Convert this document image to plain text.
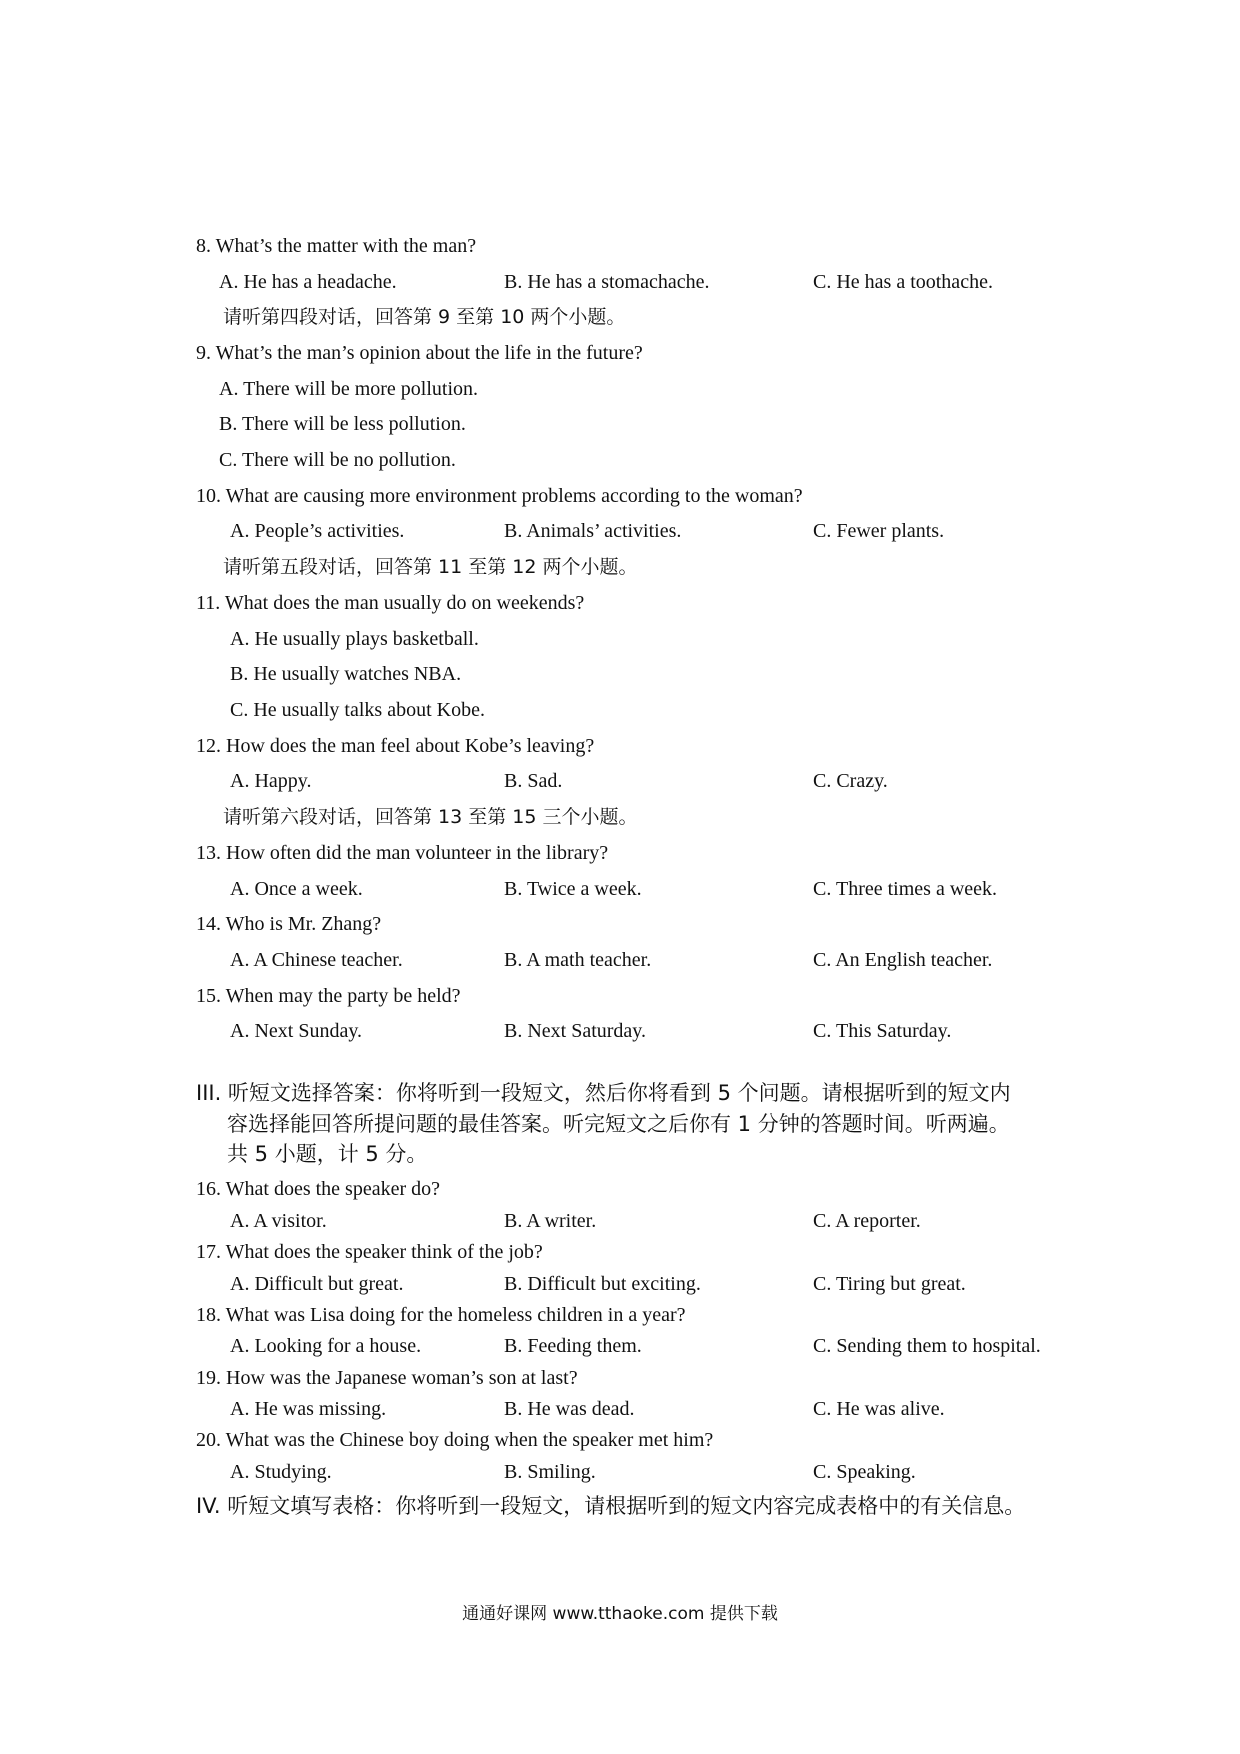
8. What’s the matter with the man?
A. He has a headache.	B. He has a stomachache.	C. He has a toothache.
请听第四段对话，回答第 9 至第 10 两个小题。
9. What’s the man’s opinion about the life in the future?
A. There will be more pollution.
B. There will be less pollution.
C. There will be no pollution.
10. What are causing more environment problems according to the woman?
A. People’s activities.	B. Animals’ activities.	C. Fewer plants.
请听第五段对话，回答第 11 至第 12 两个小题。
11. What does the man usually do on weekends?
A. He usually plays basketball.
B. He usually watches NBA.
C. He usually talks about Kobe.
12. How does the man feel about Kobe’s leaving?
A. Happy.	B. Sad.	C. Crazy.
请听第六段对话，回答第 13 至第 15 三个小题。
13. How often did the man volunteer in the library?
A. Once a week.	B. Twice a week.	C. Three times a week.
14. Who is Mr. Zhang?
A. A Chinese teacher.	B. A math teacher.	C. An English teacher.
15. When may the party be held?
A. Next Sunday.	B. Next Saturday.	C. This Saturday.
III. 听短文选择答案：你将听到一段短文，然后你将看到 5 个问题。请根据听到的短文内
容选择能回答所提问题的最佳答案。听完短文之后你有 1 分钟的答题时间。听两遍。
共 5 小题，计 5 分。
16. What does the speaker do?
A. A visitor.	B. A writer.	C. A reporter.
17. What does the speaker think of the job?
A. Difficult but great.	B. Difficult but exciting.	C. Tiring but great.
18. What was Lisa doing for the homeless children in a year?
A. Looking for a house.	B. Feeding them.	C. Sending them to hospital.
19. How was the Japanese woman’s son at last?
A. He was missing.	B. He was dead.	C. He was alive.
20. What was the Chinese boy doing when the speaker met him?
A. Studying.	B. Smiling.	C. Speaking.
IV. 听短文填写表格：你将听到一段短文，请根据听到的短文内容完成表格中的有关信息。
通通好课网 www.tthaoke.com 提供下载
